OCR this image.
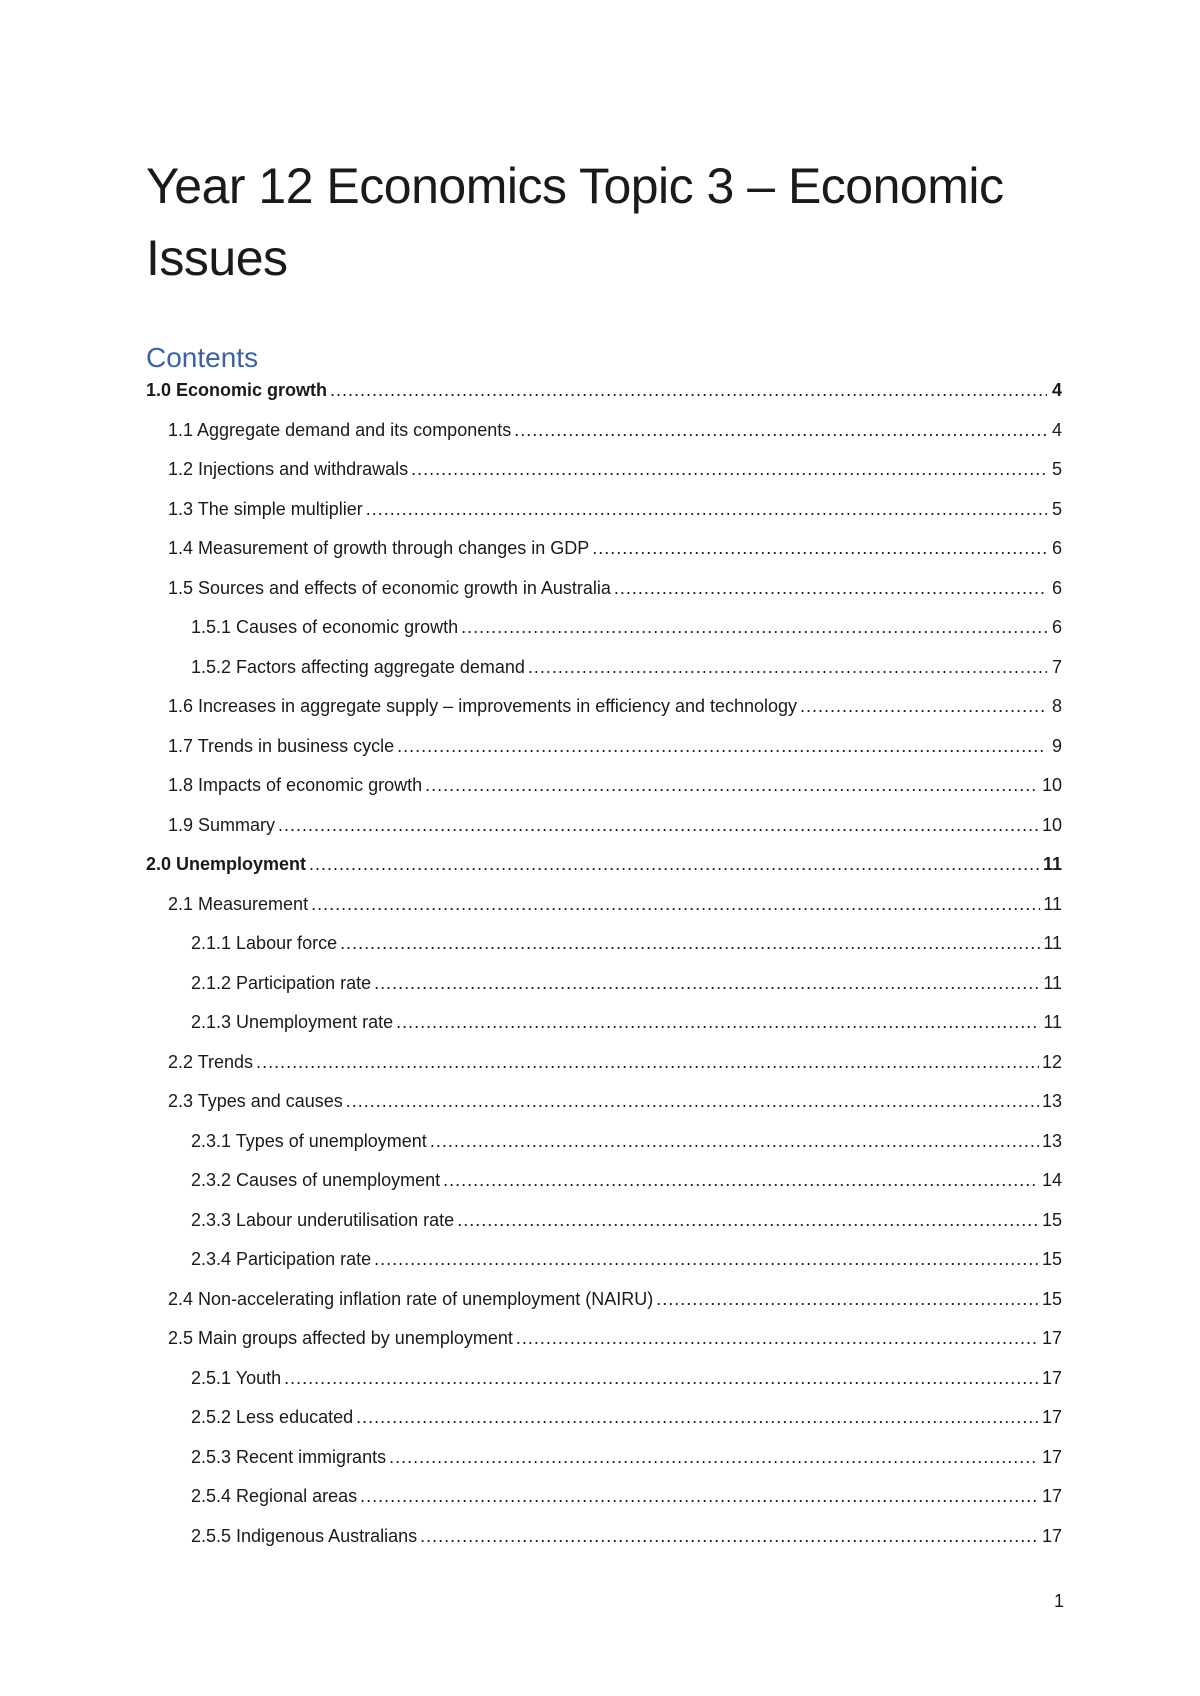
Year 12 Economics Topic 3 – Economic Issues
Contents
1.0 Economic growth .....	4
1.1 Aggregate demand and its components .....	4
1.2 Injections and withdrawals .....	5
1.3 The simple multiplier .....	5
1.4 Measurement of growth through changes in GDP .....	6
1.5 Sources and effects of economic growth in Australia .....	6
1.5.1 Causes of economic growth .....	6
1.5.2 Factors affecting aggregate demand .....	7
1.6 Increases in aggregate supply – improvements in efficiency and technology .....	8
1.7 Trends in business cycle .....	9
1.8 Impacts of economic growth .....	10
1.9 Summary .....	10
2.0 Unemployment .....	11
2.1 Measurement .....	11
2.1.1 Labour force .....	11
2.1.2 Participation rate .....	11
2.1.3 Unemployment rate .....	11
2.2 Trends .....	12
2.3 Types and causes .....	13
2.3.1 Types of unemployment .....	13
2.3.2 Causes of unemployment .....	14
2.3.3 Labour underutilisation rate .....	15
2.3.4 Participation rate .....	15
2.4 Non-accelerating inflation rate of unemployment (NAIRU) .....	15
2.5 Main groups affected by unemployment .....	17
2.5.1 Youth .....	17
2.5.2 Less educated .....	17
2.5.3 Recent immigrants .....	17
2.5.4 Regional areas .....	17
2.5.5 Indigenous Australians .....	17
1
